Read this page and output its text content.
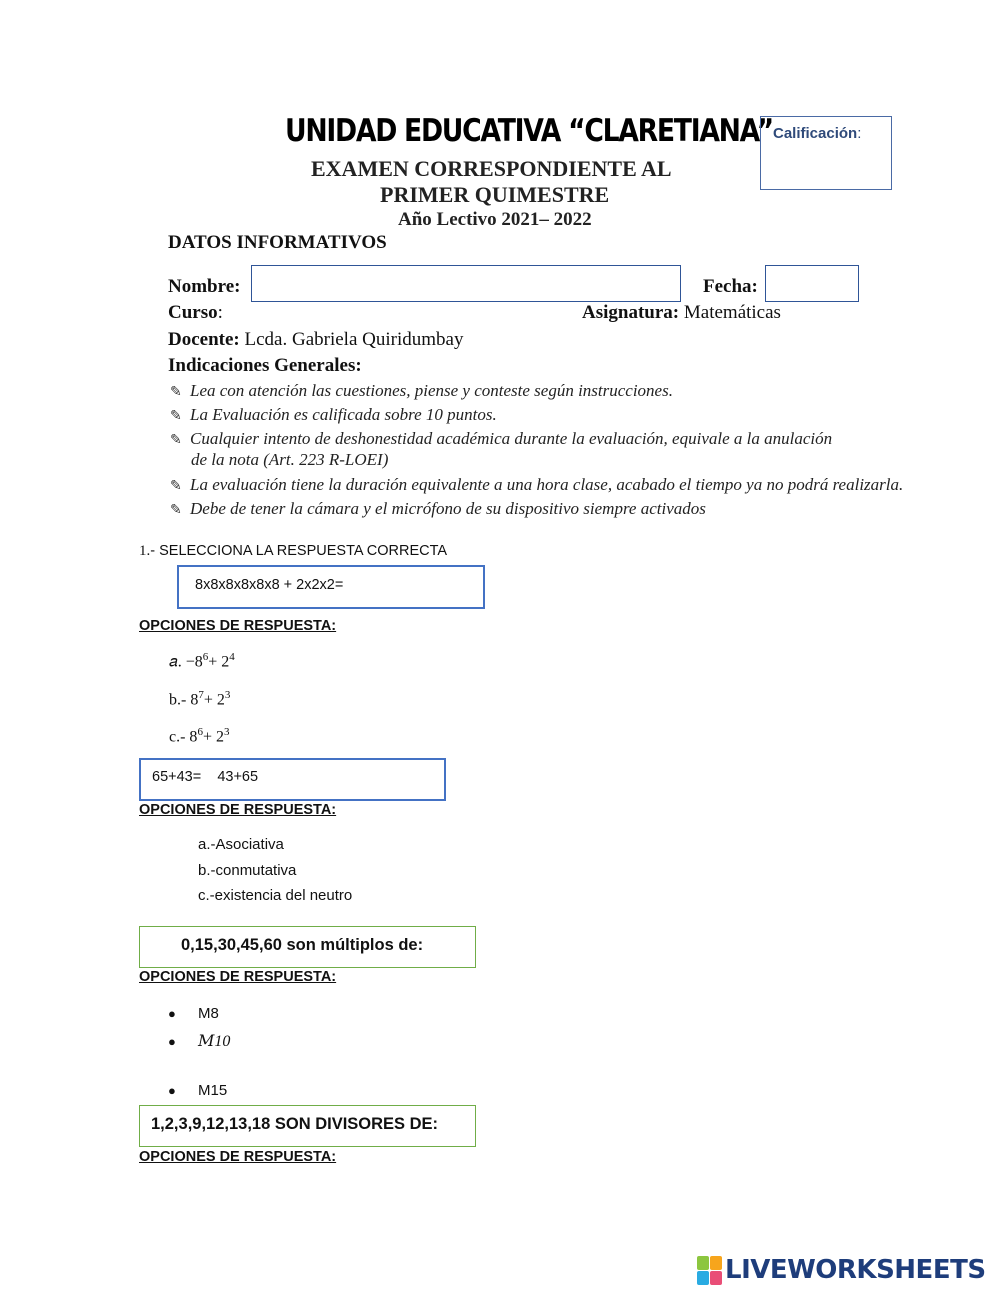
UNIDAD EDUCATIVA “CLARETIANA”
EXAMEN CORRESPONDIENTE AL
PRIMER QUIMESTRE
Año Lectivo 2021– 2022
Calificación:
DATOS INFORMATIVOS
Nombre:	Fecha:
Curso:	Asignatura: Matemáticas
Docente: Lcda. Gabriela Quiridumbay
Indicaciones Generales:
✎ Lea con atención las cuestiones, piense y conteste según instrucciones.
✎ La Evaluación es calificada sobre 10 puntos.
✎ Cualquier intento de deshonestidad académica durante la evaluación, equivale a la anulación
de la nota (Art. 223 R-LOEI)
✎ La evaluación tiene la duración equivalente a una hora clase, acabado el tiempo ya no podrá realizarla.
✎ Debe de tener la cámara y el micrófono de su dispositivo siempre activados
1.- SELECCIONA LA RESPUESTA CORRECTA
8x8x8x8x8x8 + 2x2x2=
OPCIONES DE RESPUESTA:
𝑎. $-8^6+ 2^4$
b.- $8^7+ 2^3$
c.- $8^6+ 2^3$
65+43= 43+65
OPCIONES DE RESPUESTA:
a.-Asociativa
b.-conmutativa
c.-existencia del neutro
0,15,30,45,60 son múltiplos de:
OPCIONES DE RESPUESTA:
● M8
● 𝑀10
● M15
1,2,3,9,12,13,18 SON DIVISORES DE:
OPCIONES DE RESPUESTA:
LIVEWORKSHEETS
